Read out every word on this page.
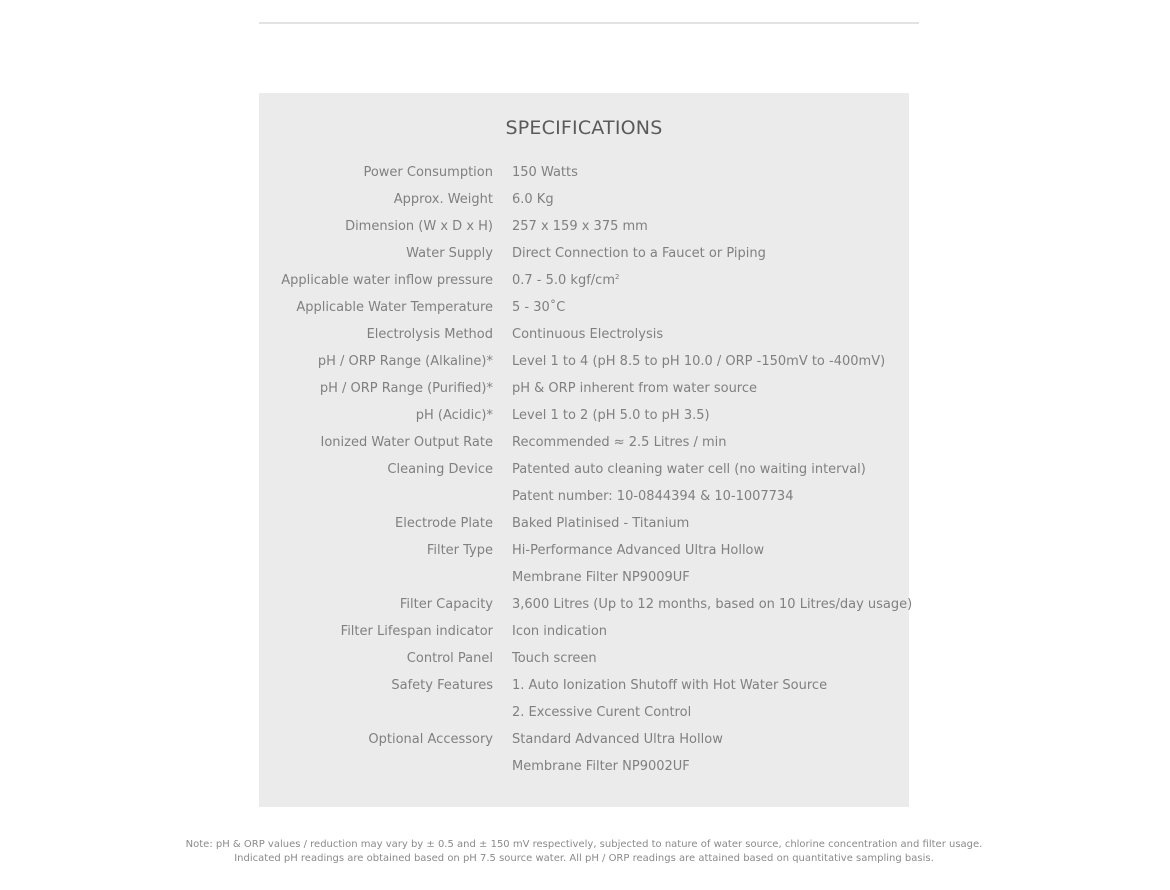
SPECIFICATIONS
Power Consumption 150 Watts
Approx. Weight 6.0 Kg
Dimension (W x D x H) 257 x 159 x 375 mm
Water Supply Direct Connection to a Faucet or Piping
Applicable water inflow pressure 0.7 - 5.0 kgf/$cm^2$
Applicable Water Temperature 5 - 30˚C
Electrolysis Method Continuous Electrolysis
pH / ORP Range (Alkaline)* Level 1 to 4 (pH 8.5 to pH 10.0 / ORP -150mV to -400mV)
pH / ORP Range (Purified)* pH & ORP inherent from water source
pH (Acidic)* Level 1 to 2 (pH 5.0 to pH 3.5)
Ionized Water Output Rate Recommended ≈ 2.5 Litres / min
Cleaning Device Patented auto cleaning water cell (no waiting interval)
Patent number: 10-0844394 & 10-1007734
Electrode Plate Baked Platinised - Titanium
Filter Type Hi-Performance Advanced Ultra Hollow
Membrane Filter NP9009UF
Filter Capacity 3,600 Litres (Up to 12 months, based on 10 Litres/day usage)
Filter Lifespan indicator Icon indication
Control Panel Touch screen
Safety Features 1. Auto Ionization Shutoff with Hot Water Source
2. Excessive Curent Control
Optional Accessory Standard Advanced Ultra Hollow
Membrane Filter NP9002UF

Note: pH & ORP values / reduction may vary by ± 0.5 and ± 150 mV respectively, subjected to nature of water source, chlorine concentration and filter usage.

Indicated pH readings are obtained based on pH 7.5 source water. All pH / ORP readings are attained based on quantitative sampling basis.
